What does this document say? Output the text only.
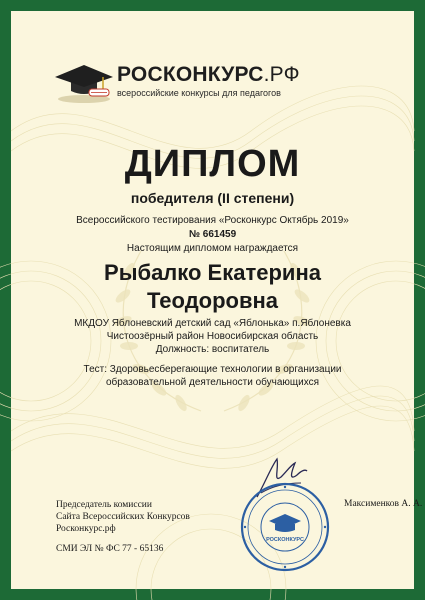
РОСКОНКУРС.РФ
всероссийские конкурсы для педагогов
ДИПЛОМ
победителя (II степени)
Всероссийского тестирования «Росконкурс Октябрь 2019»
№ 661459
Настоящим дипломом награждается
Рыбалко Екатерина
Теодоровна
МКДОУ Яблоневский детский сад «Яблонька» п.Яблоневка
Чистоозёрный район Новосибирская область
Должность: воспитатель
Тест: Здоровьесберегающие технологии в организации
образовательной деятельности обучающихся
РОСКОНКУРС
Председатель комиссии
Сайта Всероссийских Конкурсов
Росконкурс.рф
Максименков А. А.
СМИ ЭЛ № ФС 77 - 65136
